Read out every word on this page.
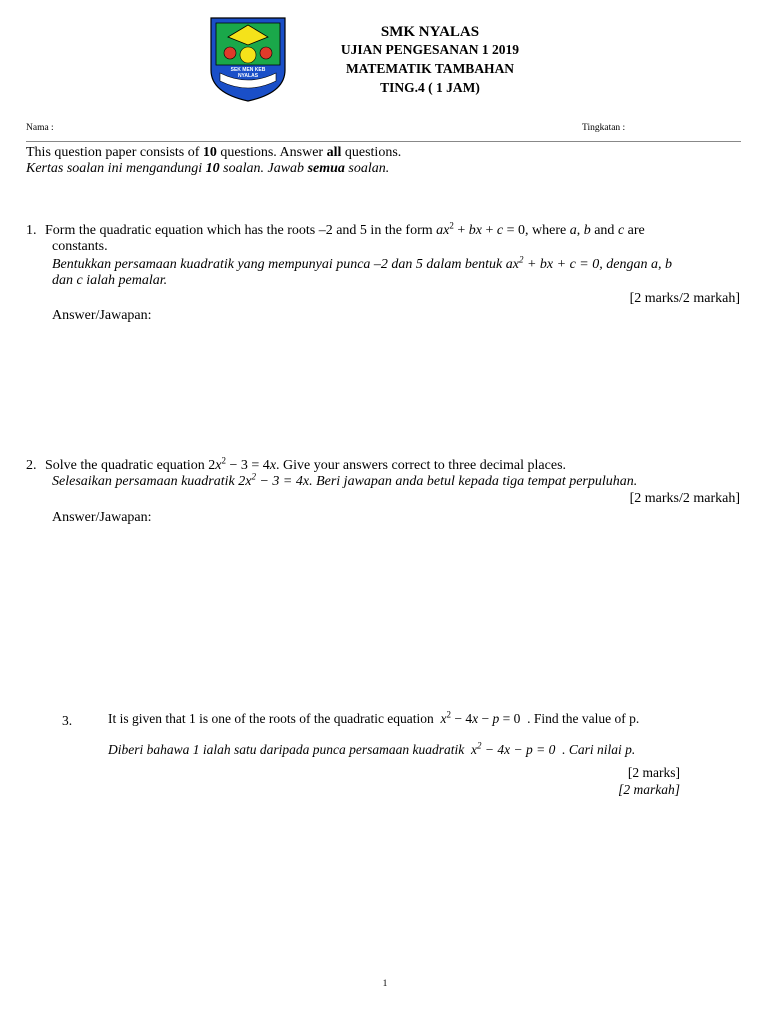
SEK MEN KEB
NYALAS
SMK NYALAS
UJIAN PENGESANAN 1 2019
MATEMATIK TAMBAHAN
TING.4 ( 1 JAM)
Nama :	Tingkatan :
This question paper consists of 10 questions. Answer all questions.
Kertas soalan ini mengandungi 10 soalan. Jawab semua soalan.
1. Form the quadratic equation which has the roots –2 and 5 in the form $ax^2$ + bx + c = 0, where a, b and c are
constants.
Bentukkan persamaan kuadratik yang mempunyai punca –2 dan 5 dalam bentuk $ax^2$ + bx + c = 0, dengan a, b
dan c ialah pemalar.
[2 marks/2 markah]
Answer/Jawapan:
2. Solve the quadratic equation $2x^2 - 3 = 4x$. Give your answers correct to three decimal places.
Selesaikan persamaan kuadratik $2x^2 - 3 = 4x$. Beri jawapan anda betul kepada tiga tempat perpuluhan.
[2 marks/2 markah]
Answer/Jawapan:
3.	It is given that 1 is one of the roots of the quadratic equation $x^2 - 4x - p = 0$  . Find the value of p.
Diberi bahawa 1 ialah satu daripada punca persamaan kuadratik $x^2 - 4x - p = 0$  . Cari nilai p.
[2 marks]
[2 markah]
1
